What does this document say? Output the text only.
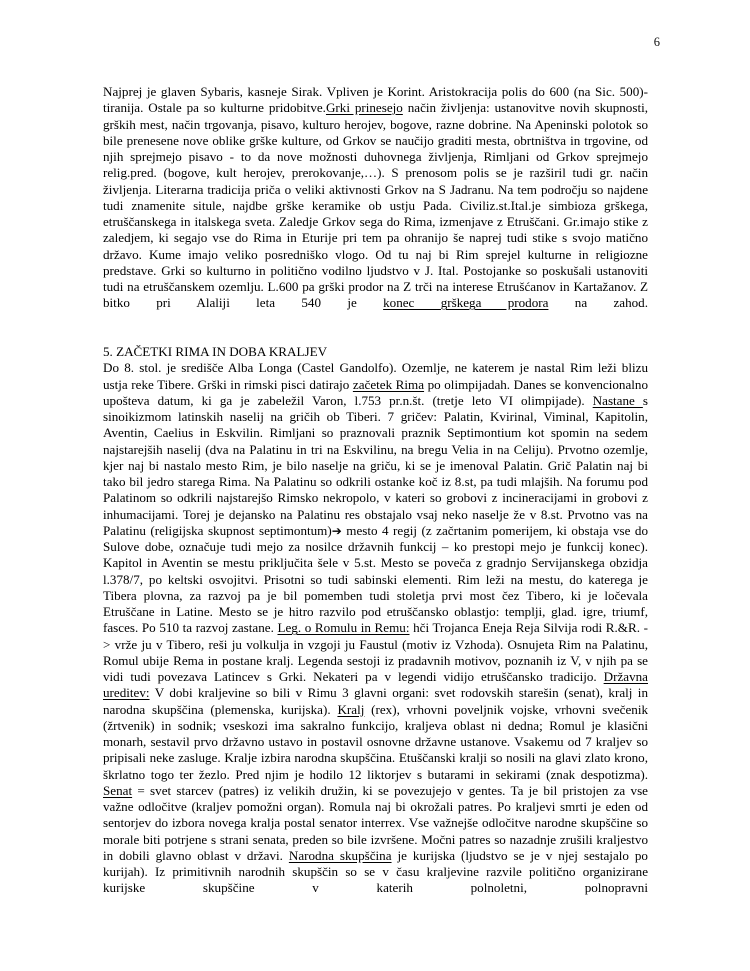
6

Najprej je glaven Sybaris, kasneje Sirak. Vpliven je Korint. Aristokracija polis do 600 (na Sic. 500)- tiranija. Ostale pa so kulturne pridobitve.Grki prinesejo način življenja: ustanovitve novih skupnosti, grških mest, način trgovanja, pisavo, kulturo herojev, bogove, razne dobrine. Na Apeninski polotok so bile prenesene nove oblike grške kulture, od Grkov se naučijo graditi mesta, obrtništva in trgovine, od njih sprejmejo pisavo - to da nove možnosti duhovnega življenja, Rimljani od Grkov sprejmejo relig.pred. (bogove, kult herojev, prerokovanje,…). S prenosom polis se je razširil tudi gr. način življenja. Literarna tradicija priča o veliki aktivnosti Grkov na S Jadranu. Na tem področju so najdene tudi znamenite situle, najdbe grške keramike ob ustju Pada. Civiliz.st.Ital.je simbioza grškega, etruščanskega in italskega sveta. Zaledje Grkov sega do Rima, izmenjave z Etruščani. Gr.imajo stike z zaledjem, ki segajo vse do Rima in Eturije pri tem pa ohranijo še naprej tudi stike s svojo matično državo. Kume imajo veliko posredniško vlogo. Od tu naj bi Rim sprejel kulturne in religiozne predstave. Grki so kulturno in politično vodilno ljudstvo v J. Ital. Postojanke so poskušali ustanoviti tudi na etruščanskem ozemlju. L.600 pa grški prodor na Z trči na interese Etrušćanov in Kartažanov. Z bitko pri Alaliji leta 540 je konec grškega prodora na zahod.

5. ZAČETKI RIMA IN DOBA KRALJEV

Do 8. stol. je središče Alba Longa (Castel Gandolfo). Ozemlje, ne katerem je nastal Rim leži blizu ustja reke Tibere. Grški in rimski pisci datirajo začetek Rima po olimpijadah. Danes se konvencionalno upošteva datum, ki ga je zabeležil Varon, l.753 pr.n.št. (tretje leto VI olimpijade). Nastane s sinoikizmom latinskih naselij na gričih ob Tiberi. 7 gričev: Palatin, Kvirinal, Viminal, Kapitolin, Aventin, Caelius in Eskvilin. Rimljani so praznovali praznik Septimontium kot spomin na sedem najstarejših naselij (dva na Palatinu in tri na Eskvilinu, na bregu Velia in na Celiju). Prvotno ozemlje, kjer naj bi nastalo mesto Rim, je bilo naselje na griču, ki se je imenoval Palatin. Grič Palatin naj bi tako bil jedro starega Rima. Na Palatinu so odkrili ostanke koč iz 8.st, pa tudi mlajših. Na forumu pod Palatinom so odkrili najstarejšo Rimsko nekropolo, v kateri so grobovi z incineracijami in grobovi z inhumacijami. Torej je dejansko na Palatinu res obstajalo vsaj neko naselje že v 8.st. Prvotno vas na Palatinu (religijska skupnost septimontum)➔ mesto 4 regij (z začrtanim pomerijem, ki obstaja vse do Sulove dobe, označuje tudi mejo za nosilce državnih funkcij – ko prestopi mejo je funkcij konec). Kapitol in Aventin se mestu priključita šele v 5.st. Mesto se poveča z gradnjo Servijanskega obzidja l.378/7, po keltski osvojitvi. Prisotni so tudi sabinski elementi. Rim leži na mestu, do katerega je Tibera plovna, za razvoj pa je bil pomemben tudi stoletja prvi most čez Tibero, ki je ločevala Etruščane in Latine. Mesto se je hitro razvilo pod etruščansko oblastjo: templji, glad. igre, triumf, fasces. Po 510 ta razvoj zastane. Leg. o Romulu in Remu: hči Trojanca Eneja Reja Silvija rodi R.&R. -> vrže ju v Tibero, reši ju volkulja in vzgoji ju Faustul (motiv iz Vzhoda). Osnujeta Rim na Palatinu, Romul ubije Rema in postane kralj. Legenda sestoji iz pradavnih motivov, poznanih iz V, v njih pa se vidi tudi povezava Latincev s Grki. Nekateri pa v legendi vidijo etruščansko tradicijo. Državna ureditev: V dobi kraljevine so bili v Rimu 3 glavni organi: svet rodovskih starešin (senat), kralj in narodna skupščina (plemenska, kurijska). Kralj (rex), vrhovni poveljnik vojske, vrhovni svečenik (žrtvenik) in sodnik; vseskozi ima sakralno funkcijo, kraljeva oblast ni dedna; Romul je klasični monarh, sestavil prvo državno ustavo in postavil osnovne državne ustanove. Vsakemu od 7 kraljev so pripisali neke zasluge. Kralje izbira narodna skupščina. Etuščanski kralji so nosili na glavi zlato krono, škrlatno togo ter žezlo. Pred njim je hodilo 12 liktorjev s butarami in sekirami (znak despotizma). Senat = svet starcev (patres) iz velikih družin, ki se povezujejo v gentes. Ta je bil pristojen za vse važne odločitve (kraljev pomožni organ). Romula naj bi okrožali patres. Po kraljevi smrti je eden od sentorjev do izbora novega kralja postal senator interrex. Vse važnejše odločitve narodne skupščine so morale biti potrjene s strani senata, preden so bile izvršene. Močni patres so nazadnje zrušili kraljestvo in dobili glavno oblast v državi. Narodna skupščina je kurijska (ljudstvo se je v njej sestajalo po kurijah). Iz primitivnih narodnih skupščin so se v času kraljevine razvile politično organizirane kurijske skupščine v katerih polnoletni, polnopravni
